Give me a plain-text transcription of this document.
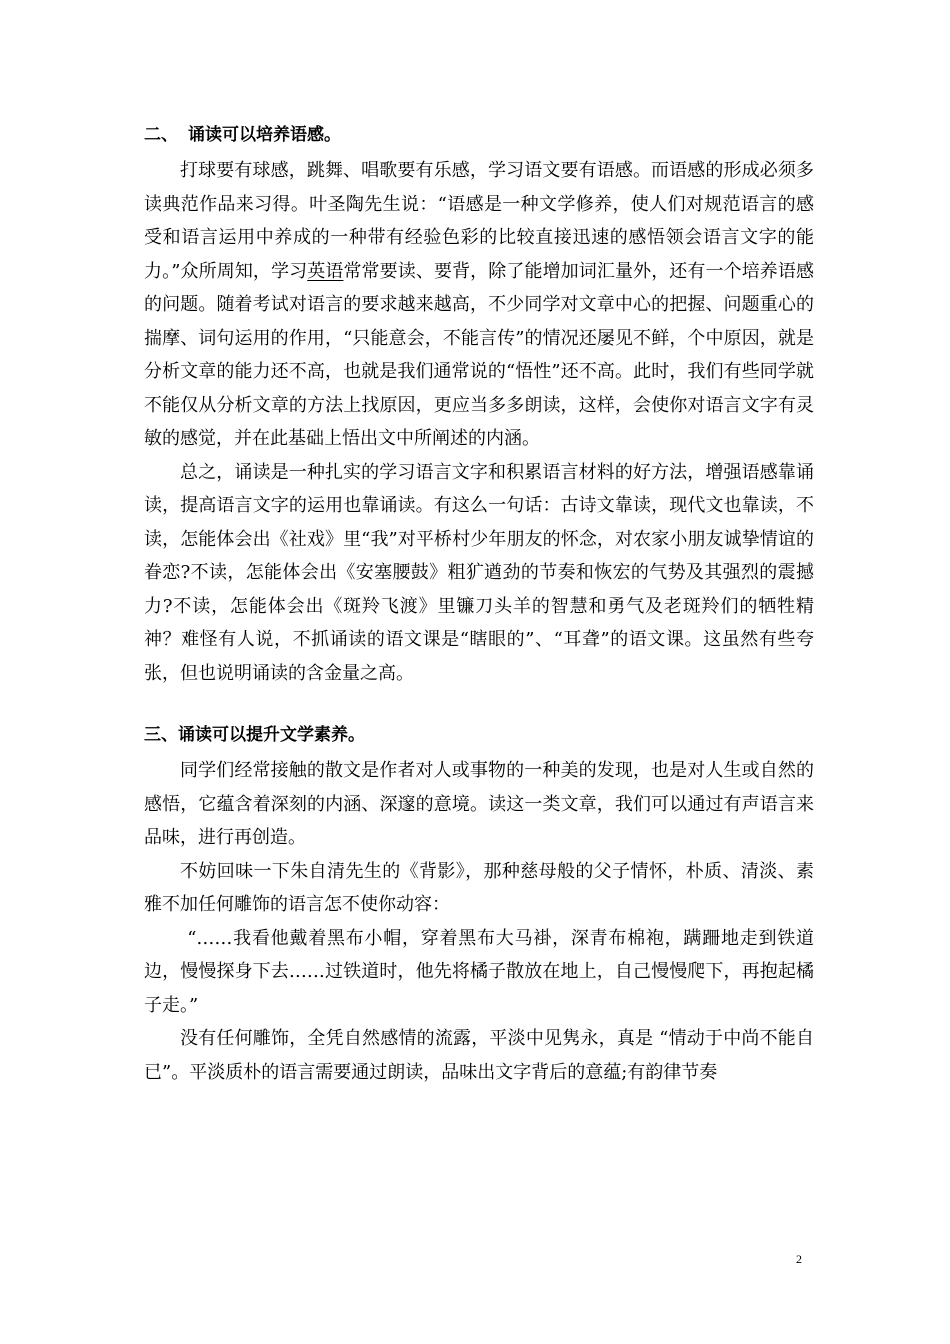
二、 诵读可以培养语感。

打球要有球感，跳舞、唱歌要有乐感，学习语文要有语感。而语感的形成必须多读典范作品来习得。叶圣陶先生说：“语感是一种文学修养，使人们对规范语言的感受和语言运用中养成的一种带有经验色彩的比较直接迅速的感悟领会语言文字的能力。”众所周知，学习英语常常要读、要背，除了能增加词汇量外，还有一个培养语感的问题。随着考试对语言的要求越来越高，不少同学对文章中心的把握、问题重心的揣摩、词句运用的作用，“只能意会，不能言传”的情况还屡见不鲜，个中原因，就是分析文章的能力还不高，也就是我们通常说的“悟性”还不高。此时，我们有些同学就不能仅从分析文章的方法上找原因，更应当多多朗读，这样，会使你对语言文字有灵敏的感觉，并在此基础上悟出文中所阐述的内涵。

总之，诵读是一种扎实的学习语言文字和积累语言材料的好方法，增强语感靠诵读，提高语言文字的运用也靠诵读。有这么一句话：古诗文靠读，现代文也靠读，不读，怎能体会出《社戏》里“我”对平桥村少年朋友的怀念，对农家小朋友诚挚情谊的眷恋?不读，怎能体会出《安塞腰鼓》粗犷遒劲的节奏和恢宏的气势及其强烈的震撼力?不读，怎能体会出《斑羚飞渡》里镰刀头羊的智慧和勇气及老斑羚们的牺牲精神？难怪有人说，不抓诵读的语文课是“瞎眼的”、“耳聋”的语文课。这虽然有些夸张，但也说明诵读的含金量之高。

三、诵读可以提升文学素养。

同学们经常接触的散文是作者对人或事物的一种美的发现，也是对人生或自然的感悟，它蕴含着深刻的内涵、深邃的意境。读这一类文章，我们可以通过有声语言来品味，进行再创造。

不妨回味一下朱自清先生的《背影》，那种慈母般的父子情怀，朴质、清淡、素雅不加任何雕饰的语言怎不使你动容：

“……我看他戴着黑布小帽，穿着黑布大马褂，深青布棉袍，蹒跚地走到铁道边，慢慢探身下去……过铁道时，他先将橘子散放在地上，自己慢慢爬下，再抱起橘子走。”

没有任何雕饰，全凭自然感情的流露，平淡中见隽永，真是 “情动于中尚不能自已”。平淡质朴的语言需要通过朗读，品味出文字背后的意蕴;有韵律节奏

2
